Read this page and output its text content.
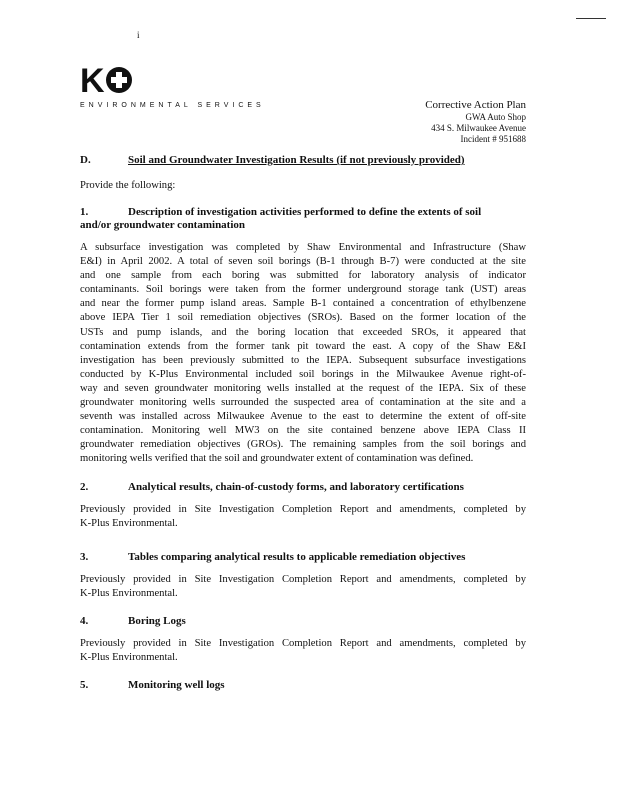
i
K
ENVIRONMENTAL SERVICES	Corrective Action Plan
GWA Auto Shop
434 S. Milwaukee Avenue
Incident # 951688
D.	Soil and Groundwater Investigation Results (if not previously provided)
Provide the following:
1.	Description of investigation activities performed to define the extents of soil
and/or groundwater contamination
A subsurface investigation was completed by Shaw Environmental and Infrastructure (Shaw
E&I) in April 2002. A total of seven soil borings (B-1 through B-7) were conducted at the site
and one sample from each boring was submitted for laboratory analysis of indicator
contaminants. Soil borings were taken from the former underground storage tank (UST) areas
and near the former pump island areas. Sample B-1 contained a concentration of ethylbenzene
above IEPA Tier 1 soil remediation objectives (SROs). Based on the former location of the
USTs and pump islands, and the boring location that exceeded SROs, it appeared that
contamination extends from the former tank pit toward the east. A copy of the Shaw E&I
investigation has been previously submitted to the IEPA. Subsequent subsurface investigations
conducted by K-Plus Environmental included soil borings in the Milwaukee Avenue right-of-
way and seven groundwater monitoring wells installed at the request of the IEPA. Six of these
groundwater monitoring wells surrounded the suspected area of contamination at the site and a
seventh was installed across Milwaukee Avenue to the east to determine the extent of off-site
contamination. Monitoring well MW3 on the site contained benzene above IEPA Class II
groundwater remediation objectives (GROs). The remaining samples from the soil borings and
monitoring wells verified that the soil and groundwater extent of contamination was defined.
2.	Analytical results, chain-of-custody forms, and laboratory certifications
Previously provided in Site Investigation Completion Report and amendments, completed by
K-Plus Environmental.
3.	Tables comparing analytical results to applicable remediation objectives
Previously provided in Site Investigation Completion Report and amendments, completed by
K-Plus Environmental.
4.	Boring Logs
Previously provided in Site Investigation Completion Report and amendments, completed by
K-Plus Environmental.
5.	Monitoring well logs
